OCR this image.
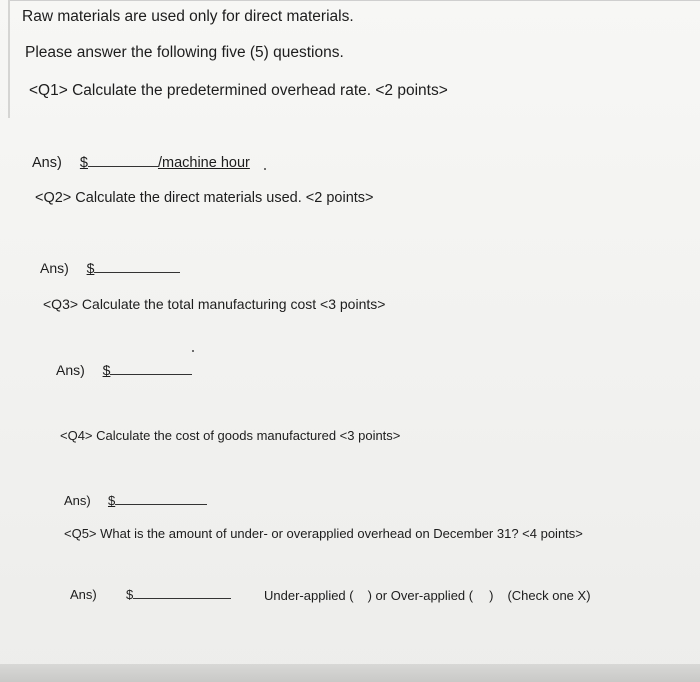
Raw materials are used only for direct materials.
Please answer the following five (5) questions.
<Q1> Calculate the predetermined overhead rate. <2 points>
Ans) $	/machine hour
<Q2> Calculate the direct materials used. <2 points>
Ans) $
<Q3> Calculate the total manufacturing cost <3 points>
Ans) $
<Q4> Calculate the cost of goods manufactured <3 points>
Ans) $
<Q5> What is the amount of under- or overapplied overhead on December 31? <4 points>
Ans) $	Under-applied ( ) or Over-applied ( ) (Check one X)
